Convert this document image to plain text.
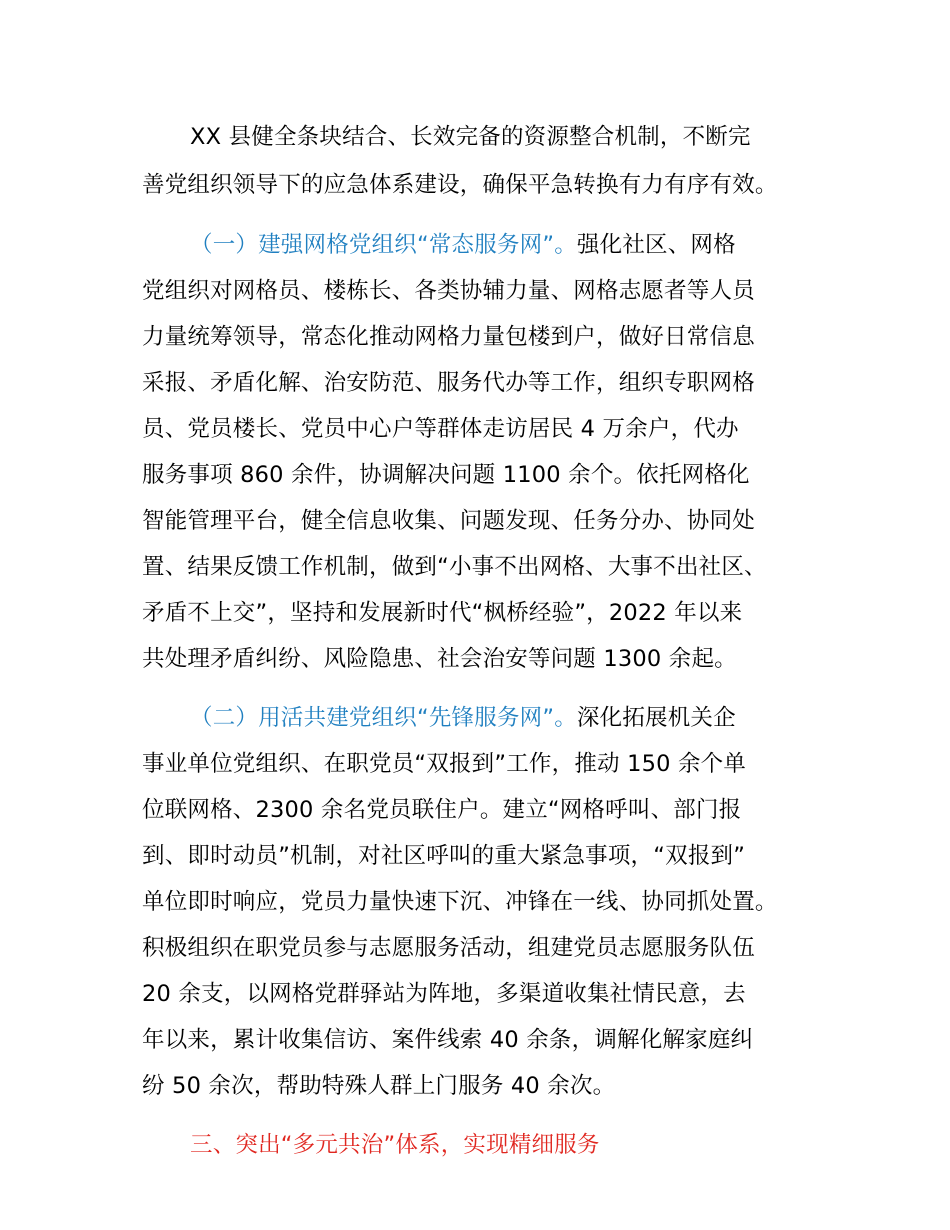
XX 县健全条块结合、长效完备的资源整合机制，不断完
善党组织领导下的应急体系建设，确保平急转换有力有序有效。
（一）建强网格党组织“常态服务网”。强化社区、网格
党组织对网格员、楼栋长、各类协辅力量、网格志愿者等人员
力量统筹领导，常态化推动网格力量包楼到户，做好日常信息
采报、矛盾化解、治安防范、服务代办等工作，组织专职网格
员、党员楼长、党员中心户等群体走访居民 4 万余户，代办
服务事项 860 余件，协调解决问题 1100 余个。依托网格化
智能管理平台，健全信息收集、问题发现、任务分办、协同处
置、结果反馈工作机制，做到“小事不出网格、大事不出社区、
矛盾不上交”，坚持和发展新时代“枫桥经验”，2022 年以来
共处理矛盾纠纷、风险隐患、社会治安等问题 1300 余起。
（二）用活共建党组织“先锋服务网”。深化拓展机关企
事业单位党组织、在职党员“双报到”工作，推动 150 余个单
位联网格、2300 余名党员联住户。建立“网格呼叫、部门报
到、即时动员”机制，对社区呼叫的重大紧急事项，“双报到”
单位即时响应，党员力量快速下沉、冲锋在一线、协同抓处置。
积极组织在职党员参与志愿服务活动，组建党员志愿服务队伍
20 余支，以网格党群驿站为阵地，多渠道收集社情民意，去
年以来，累计收集信访、案件线索 40 余条，调解化解家庭纠
纷 50 余次，帮助特殊人群上门服务 40 余次。
三、突出“多元共治”体系，实现精细服务
